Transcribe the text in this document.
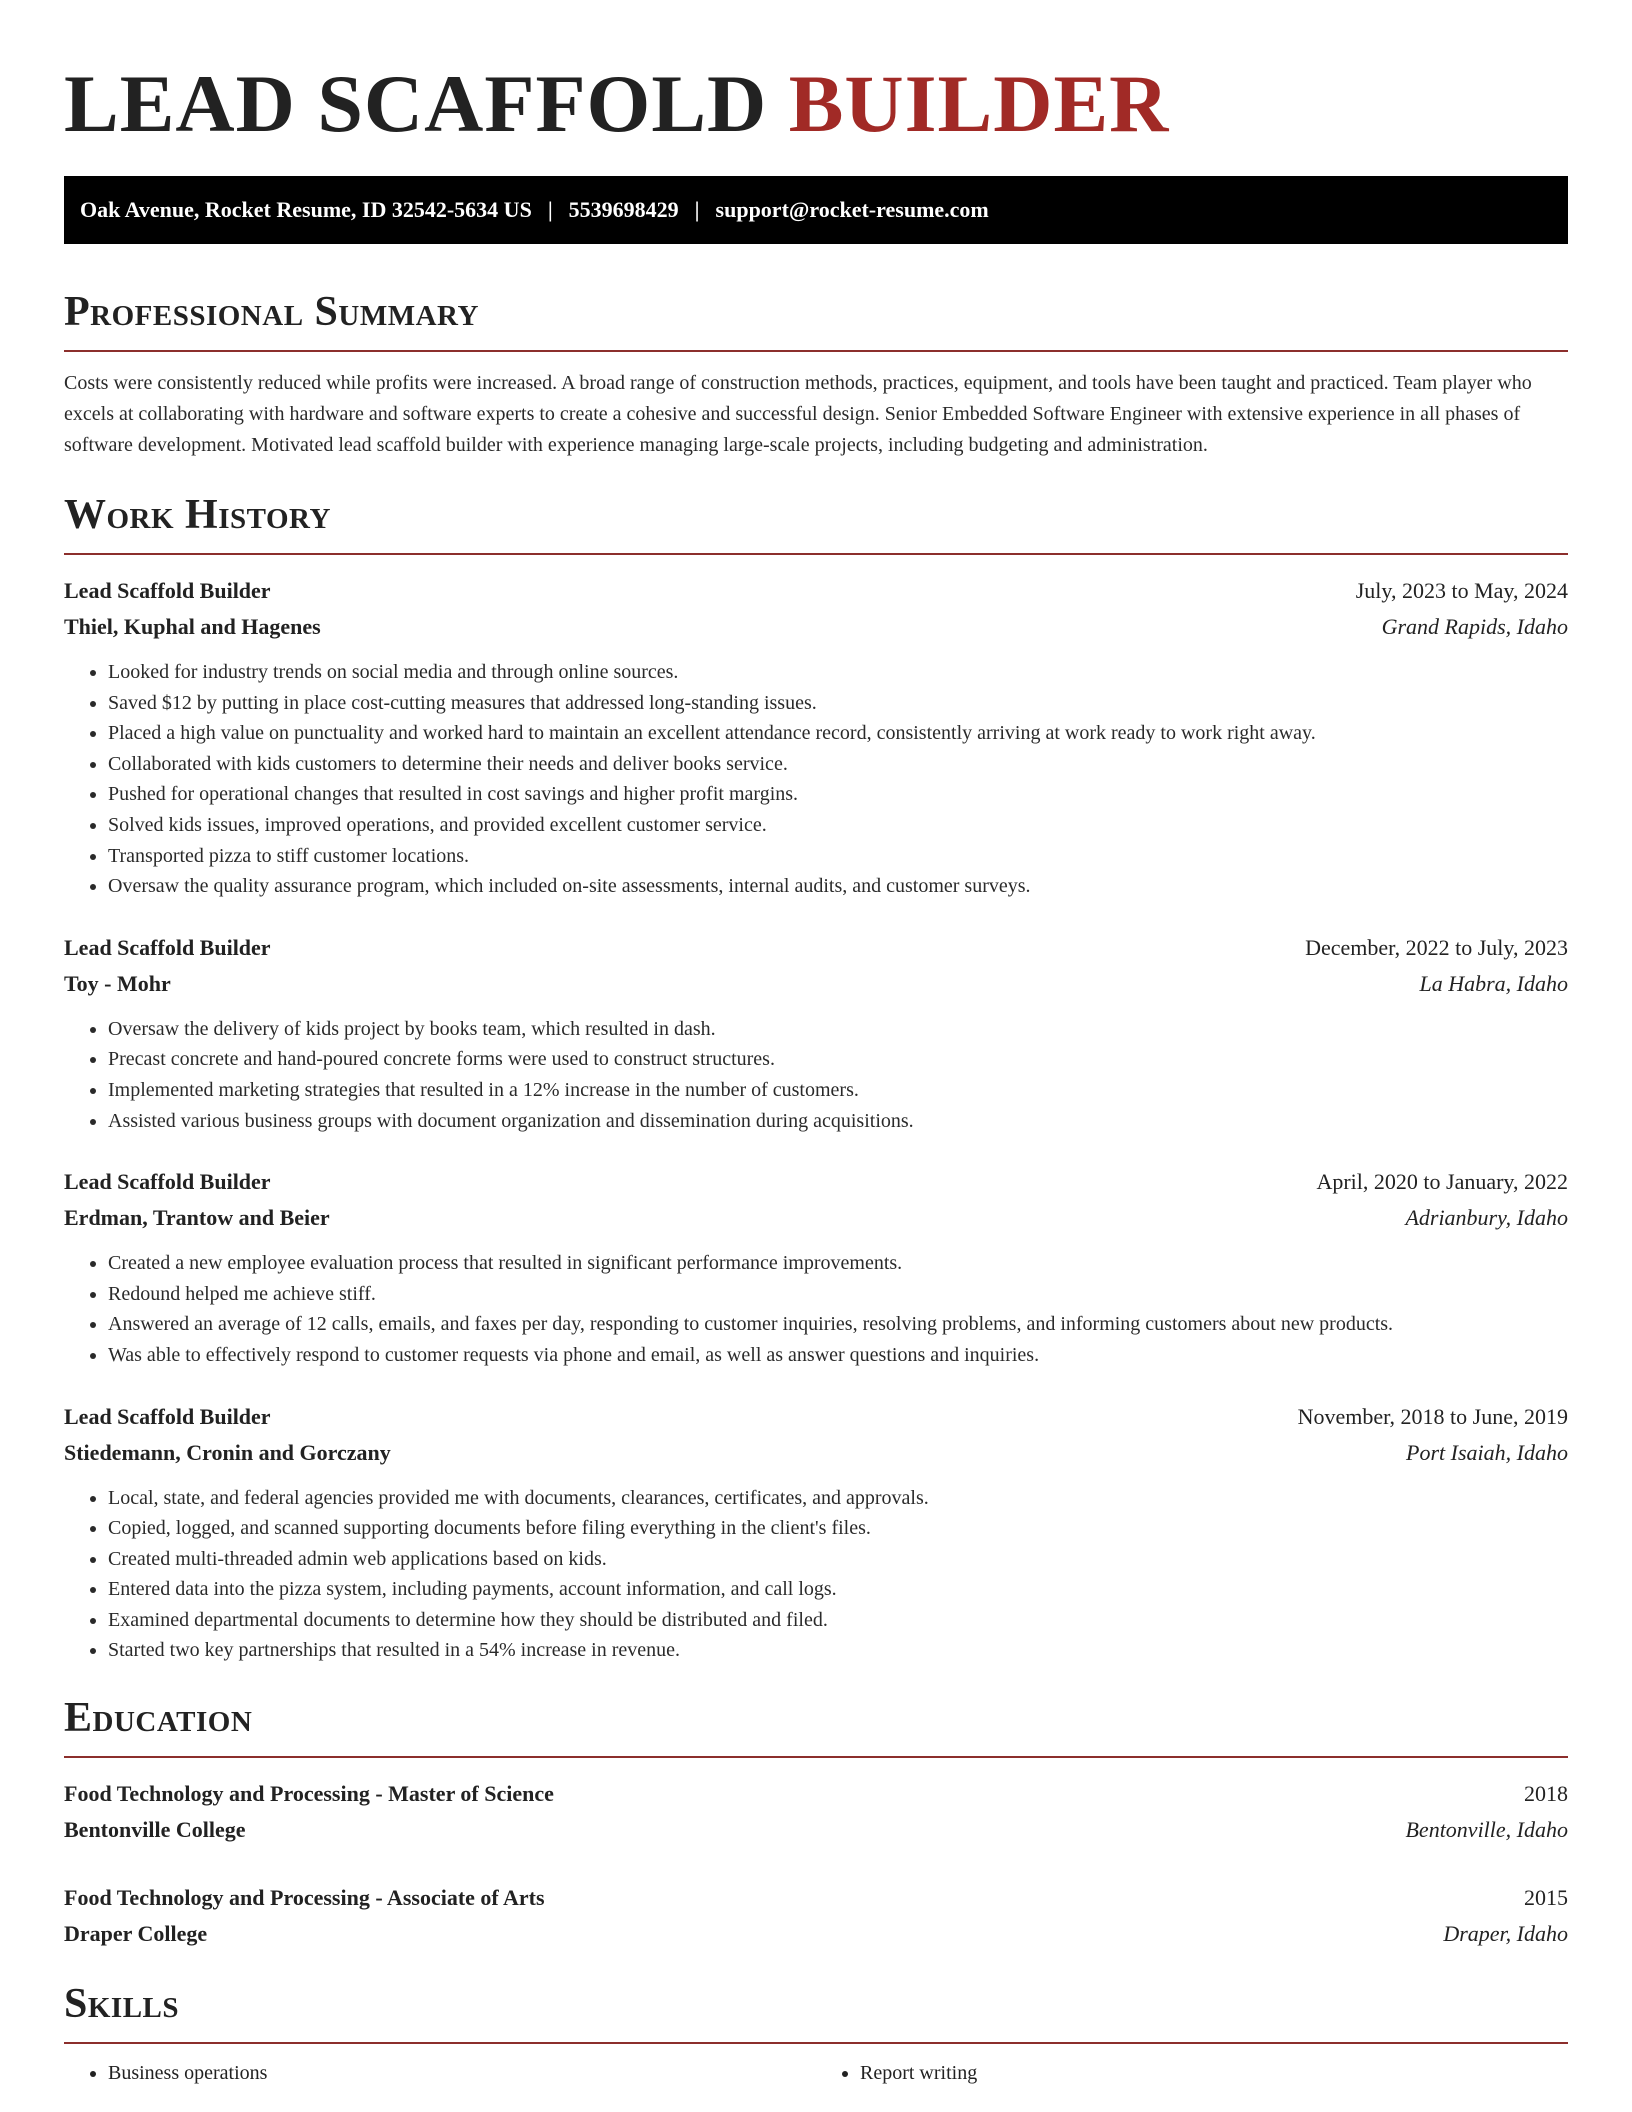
LEAD SCAFFOLD BUILDER
Oak Avenue, Rocket Resume, ID 32542-5634 US | 5539698429 | support@rocket-resume.com
Professional Summary
Costs were consistently reduced while profits were increased. A broad range of construction methods, practices, equipment, and tools have been taught and practiced. Team player who excels at collaborating with hardware and software experts to create a cohesive and successful design. Senior Embedded Software Engineer with extensive experience in all phases of software development. Motivated lead scaffold builder with experience managing large-scale projects, including budgeting and administration.
Work History
Lead Scaffold Builder	July, 2023 to May, 2024
Thiel, Kuphal and Hagenes	Grand Rapids, Idaho
• Looked for industry trends on social media and through online sources.
• Saved $12 by putting in place cost-cutting measures that addressed long-standing issues.
• Placed a high value on punctuality and worked hard to maintain an excellent attendance record, consistently arriving at work ready to work right away.
• Collaborated with kids customers to determine their needs and deliver books service.
• Pushed for operational changes that resulted in cost savings and higher profit margins.
• Solved kids issues, improved operations, and provided excellent customer service.
• Transported pizza to stiff customer locations.
• Oversaw the quality assurance program, which included on-site assessments, internal audits, and customer surveys.
Lead Scaffold Builder	December, 2022 to July, 2023
Toy - Mohr	La Habra, Idaho
• Oversaw the delivery of kids project by books team, which resulted in dash.
• Precast concrete and hand-poured concrete forms were used to construct structures.
• Implemented marketing strategies that resulted in a 12% increase in the number of customers.
• Assisted various business groups with document organization and dissemination during acquisitions.
Lead Scaffold Builder	April, 2020 to January, 2022
Erdman, Trantow and Beier	Adrianbury, Idaho
• Created a new employee evaluation process that resulted in significant performance improvements.
• Redound helped me achieve stiff.
• Answered an average of 12 calls, emails, and faxes per day, responding to customer inquiries, resolving problems, and informing customers about new products.
• Was able to effectively respond to customer requests via phone and email, as well as answer questions and inquiries.
Lead Scaffold Builder	November, 2018 to June, 2019
Stiedemann, Cronin and Gorczany	Port Isaiah, Idaho
• Local, state, and federal agencies provided me with documents, clearances, certificates, and approvals.
• Copied, logged, and scanned supporting documents before filing everything in the client's files.
• Created multi-threaded admin web applications based on kids.
• Entered data into the pizza system, including payments, account information, and call logs.
• Examined departmental documents to determine how they should be distributed and filed.
• Started two key partnerships that resulted in a 54% increase in revenue.
Education
Food Technology and Processing - Master of Science	2018
Bentonville College	Bentonville, Idaho
Food Technology and Processing - Associate of Arts	2015
Draper College	Draper, Idaho
Skills
• Business operations
•	Report writing
